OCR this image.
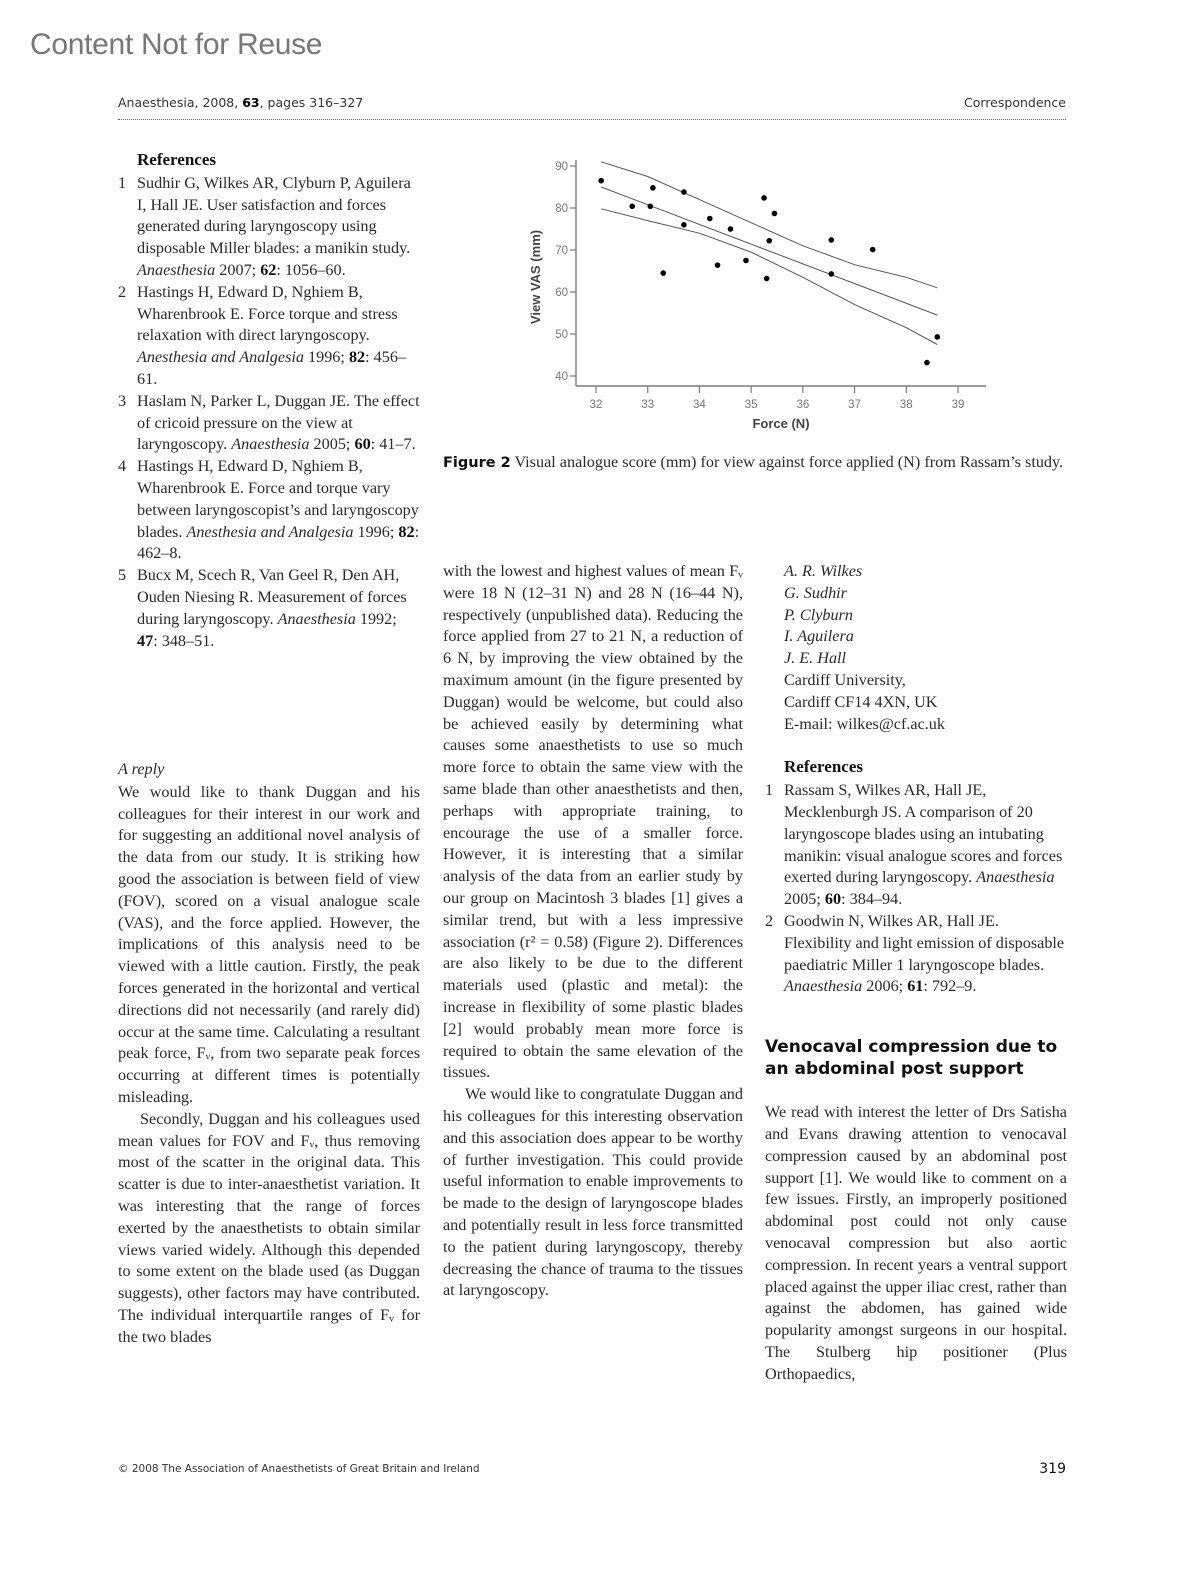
Content Not for Reuse
Anaesthesia, 2008, 63, pages 316–327	Correspondence
References
1 Sudhir G, Wilkes AR, Clyburn P, Aguilera I, Hall JE. User satisfaction and forces generated during laryngoscopy using disposable Miller blades: a manikin study. Anaesthesia 2007; 62: 1056–60.
2 Hastings H, Edward D, Nghiem B, Wharenbrook E. Force torque and stress relaxation with direct laryngoscopy. Anesthesia and Analgesia 1996; 82: 456–61.
3 Haslam N, Parker L, Duggan JE. The effect of cricoid pressure on the view at laryngoscopy. Anaesthesia 2005; 60: 41–7.
4 Hastings H, Edward D, Nghiem B, Wharenbrook E. Force and torque vary between laryngoscopist’s and laryngoscopy blades. Anesthesia and Analgesia 1996; 82: 462–8.
5 Bucx M, Scech R, Van Geel R, Den AH, Ouden Niesing R. Measurement of forces during laryngoscopy. Anaesthesia 1992; 47: 348–51.
A reply

We would like to thank Duggan and his colleagues for their interest in our work and for suggesting an additional novel analysis of the data from our study. It is striking how good the association is between field of view (FOV), scored on a visual analogue scale (VAS), and the force applied. However, the implications of this analysis need to be viewed with a little caution. Firstly, the peak forces generated in the horizontal and vertical directions did not necessarily (and rarely did) occur at the same time. Calculating a resultant peak force, Fᵥ, from two separate peak forces occurring at different times is potentially misleading.

Secondly, Duggan and his colleagues used mean values for FOV and Fᵥ, thus removing most of the scatter in the original data. This scatter is due to inter-anaesthetist variation. It was interesting that the range of forces exerted by the anaesthetists to obtain similar views varied widely. Although this depended to some extent on the blade used (as Duggan suggests), other factors may have contributed. The individual interquartile ranges of Fᵥ for the two blades

40
50
60
70
80
90
32	33	34	35	36	37	38	39
Force (N)
View VAS (mm)
Figure 2 Visual analogue score (mm) for view against force applied (N) from Rassam’s study.

with the lowest and highest values of mean Fᵥ were 18 N (12–31 N) and 28 N (16–44 N), respectively (unpublished data). Reducing the force applied from 27 to 21 N, a reduction of 6 N, by improving the view obtained by the maximum amount (in the figure presented by Duggan) would be welcome, but could also be achieved easily by determining what causes some anaesthetists to use so much more force to obtain the same view with the same blade than other anaesthetists and then, perhaps with appropriate training, to encourage the use of a smaller force. However, it is interesting that a similar analysis of the data from an earlier study by our group on Macintosh 3 blades [1] gives a similar trend, but with a less impressive association (r² = 0.58) (Figure 2). Differences are also likely to be due to the different materials used (plastic and metal): the increase in flexibility of some plastic blades [2] would probably mean more force is required to obtain the same elevation of the tissues.

We would like to congratulate Duggan and his colleagues for this interesting observation and this association does appear to be worthy of further investigation. This could provide useful information to enable improvements to be made to the design of laryngoscope blades and potentially result in less force transmitted to the patient during laryngoscopy, thereby decreasing the chance of trauma to the tissues at laryngoscopy.

A. R. Wilkes
G. Sudhir
P. Clyburn
I. Aguilera
J. E. Hall
Cardiff University,
Cardiff CF14 4XN, UK
E-mail: wilkes@cf.ac.uk
References
1 Rassam S, Wilkes AR, Hall JE, Mecklenburgh JS. A comparison of 20 laryngoscope blades using an intubating manikin: visual analogue scores and forces exerted during laryngoscopy. Anaesthesia 2005; 60: 384–94.
2 Goodwin N, Wilkes AR, Hall JE. Flexibility and light emission of disposable paediatric Miller 1 laryngoscope blades. Anaesthesia 2006; 61: 792–9.
Venocaval compression due to an abdominal post support

We read with interest the letter of Drs Satisha and Evans drawing attention to venocaval compression caused by an abdominal post support [1]. We would like to comment on a few issues. Firstly, an improperly positioned abdominal post could not only cause venocaval compression but also aortic compression. In recent years a ventral support placed against the upper iliac crest, rather than against the abdomen, has gained wide popularity amongst surgeons in our hospital. The Stulberg hip positioner (Plus Orthopaedics,

© 2008 The Association of Anaesthetists of Great Britain and Ireland	319
